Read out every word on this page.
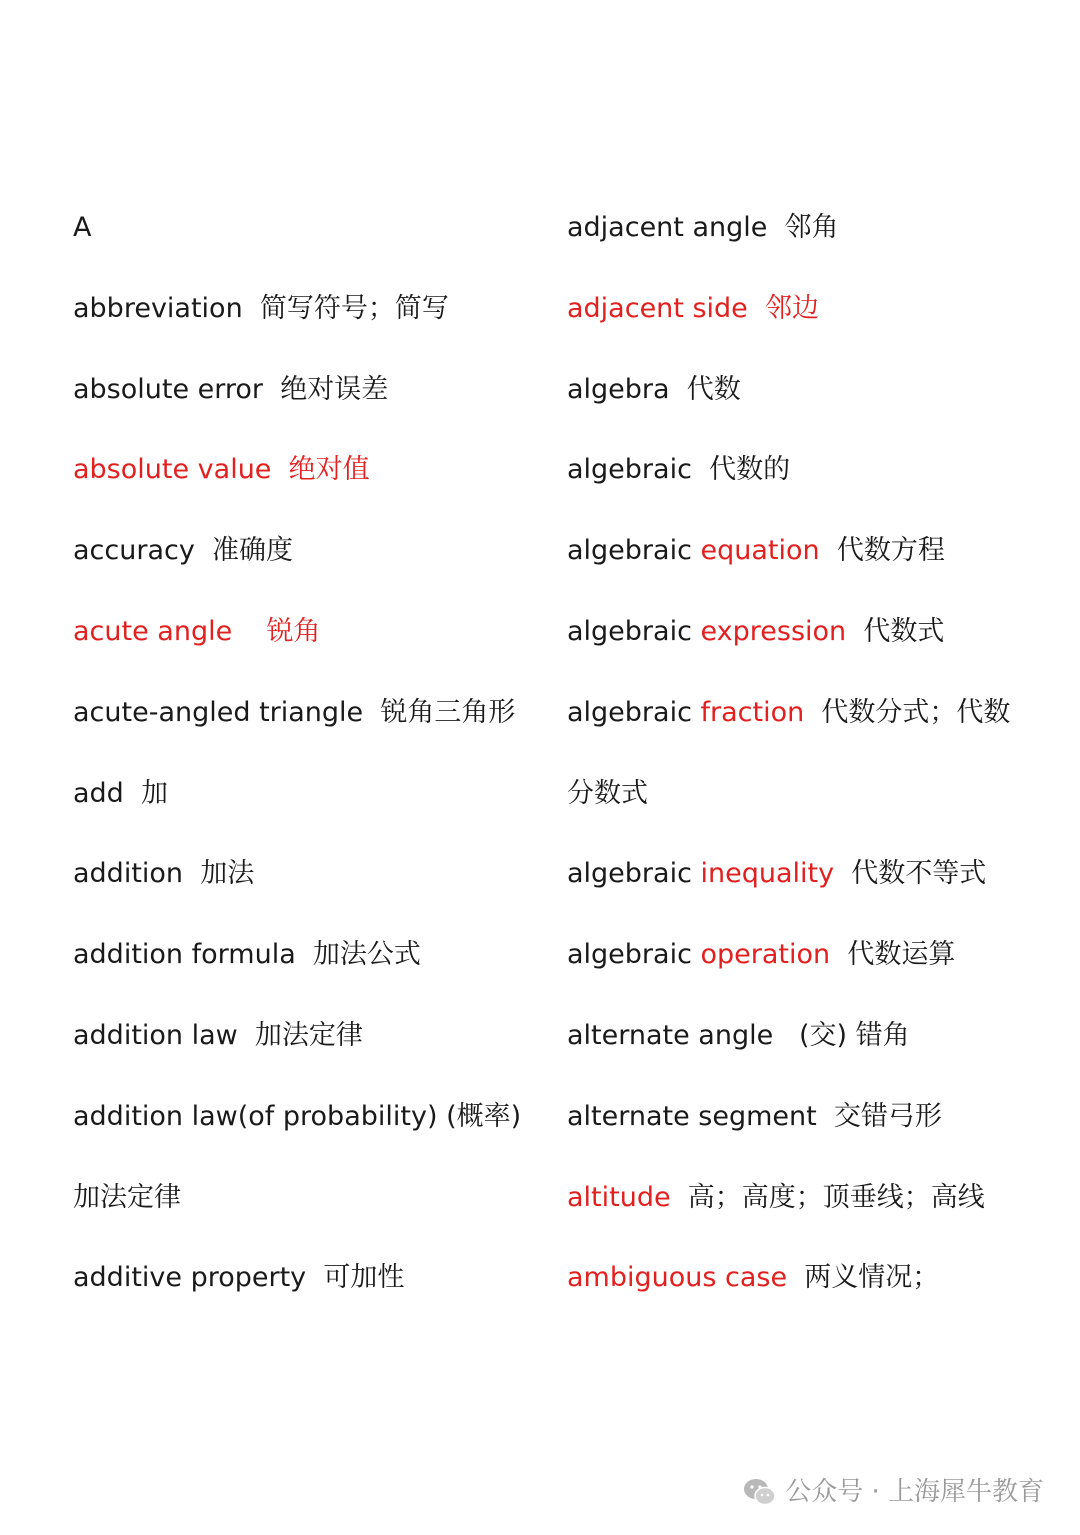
A
abbreviation  简写符号；简写
absolute error  绝对误差
absolute value  绝对值
accuracy  准确度
acute angle    锐角
acute-angled triangle  锐角三角形
add  加
addition  加法
addition formula  加法公式
addition law  加法定律
addition law(of probability) (概率)
加法定律
additive property  可加性
adjacent angle  邻角
adjacent side  邻边
algebra  代数
algebraic  代数的
algebraic equation  代数方程
algebraic expression  代数式
algebraic fraction  代数分式；代数
分数式
algebraic inequality  代数不等式
algebraic operation  代数运算
alternate angle   (交) 错角
alternate segment  交错弓形
altitude  高；高度；顶垂线；高线
ambiguous case  两义情况；
公众号 · 上海犀牛教育
